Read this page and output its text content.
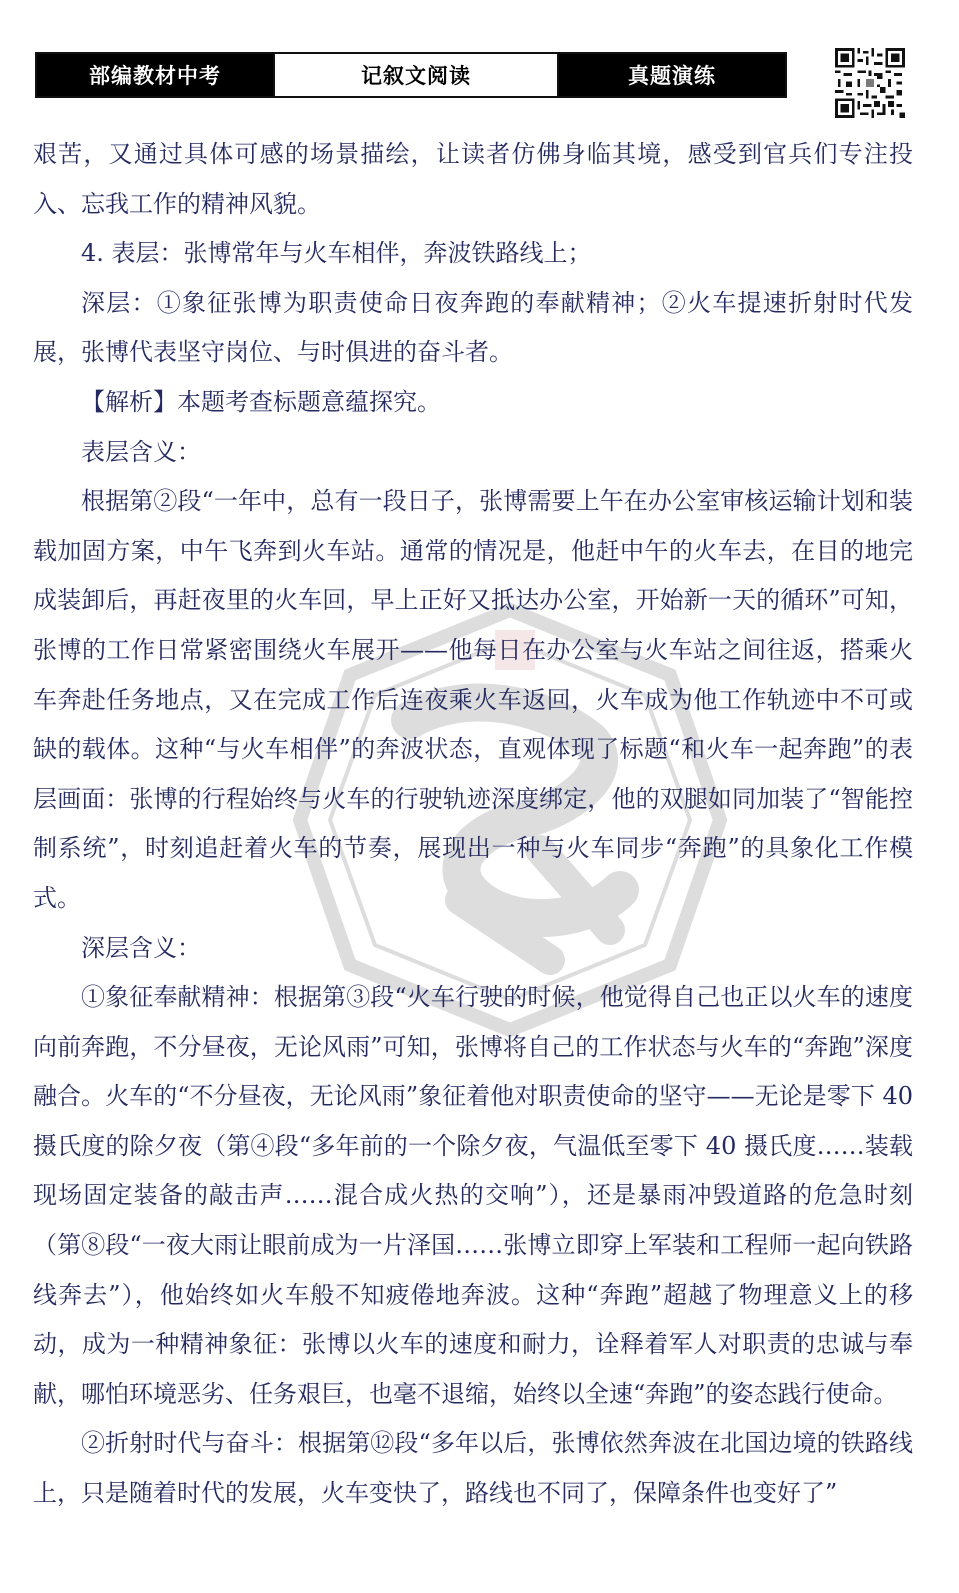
部编教材中考	记叙文阅读	真题演练

艰苦，又通过具体可感的场景描绘，让读者仿佛身临其境，感受到官兵们专注投入、忘我工作的精神风貌。

4. 表层：张博常年与火车相伴，奔波铁路线上；

深层：①象征张博为职责使命日夜奔跑的奉献精神；②火车提速折射时代发展，张博代表坚守岗位、与时俱进的奋斗者。

【解析】本题考查标题意蕴探究。

表层含义：

根据第②段“一年中，总有一段日子，张博需要上午在办公室审核运输计划和装载加固方案，中午飞奔到火车站。通常的情况是，他赶中午的火车去，在目的地完成装卸后，再赶夜里的火车回，早上正好又抵达办公室，开始新一天的循环”可知，张博的工作日常紧密围绕火车展开——他每日在办公室与火车站之间往返，搭乘火车奔赴任务地点，又在完成工作后连夜乘火车返回，火车成为他工作轨迹中不可或缺的载体。这种“与火车相伴”的奔波状态，直观体现了标题“和火车一起奔跑”的表层画面：张博的行程始终与火车的行驶轨迹深度绑定，他的双腿如同加装了“智能控制系统”，时刻追赶着火车的节奏，展现出一种与火车同步“奔跑”的具象化工作模式。

深层含义：

①象征奉献精神：根据第③段“火车行驶的时候，他觉得自己也正以火车的速度向前奔跑，不分昼夜，无论风雨”可知，张博将自己的工作状态与火车的“奔跑”深度融合。火车的“不分昼夜，无论风雨”象征着他对职责使命的坚守——无论是零下 40 摄氏度的除夕夜（第④段“多年前的一个除夕夜，气温低至零下 40 摄氏度……装载现场固定装备的敲击声……混合成火热的交响”），还是暴雨冲毁道路的危急时刻（第⑧段“一夜大雨让眼前成为一片泽国……张博立即穿上军装和工程师一起向铁路线奔去”），他始终如火车般不知疲倦地奔波。这种“奔跑”超越了物理意义上的移动，成为一种精神象征：张博以火车的速度和耐力，诠释着军人对职责的忠诚与奉献，哪怕环境恶劣、任务艰巨，也毫不退缩，始终以全速“奔跑”的姿态践行使命。

②折射时代与奋斗：根据第⑫段“多年以后，张博依然奔波在北国边境的铁路线上，只是随着时代的发展，火车变快了，路线也不同了，保障条件也变好了”
